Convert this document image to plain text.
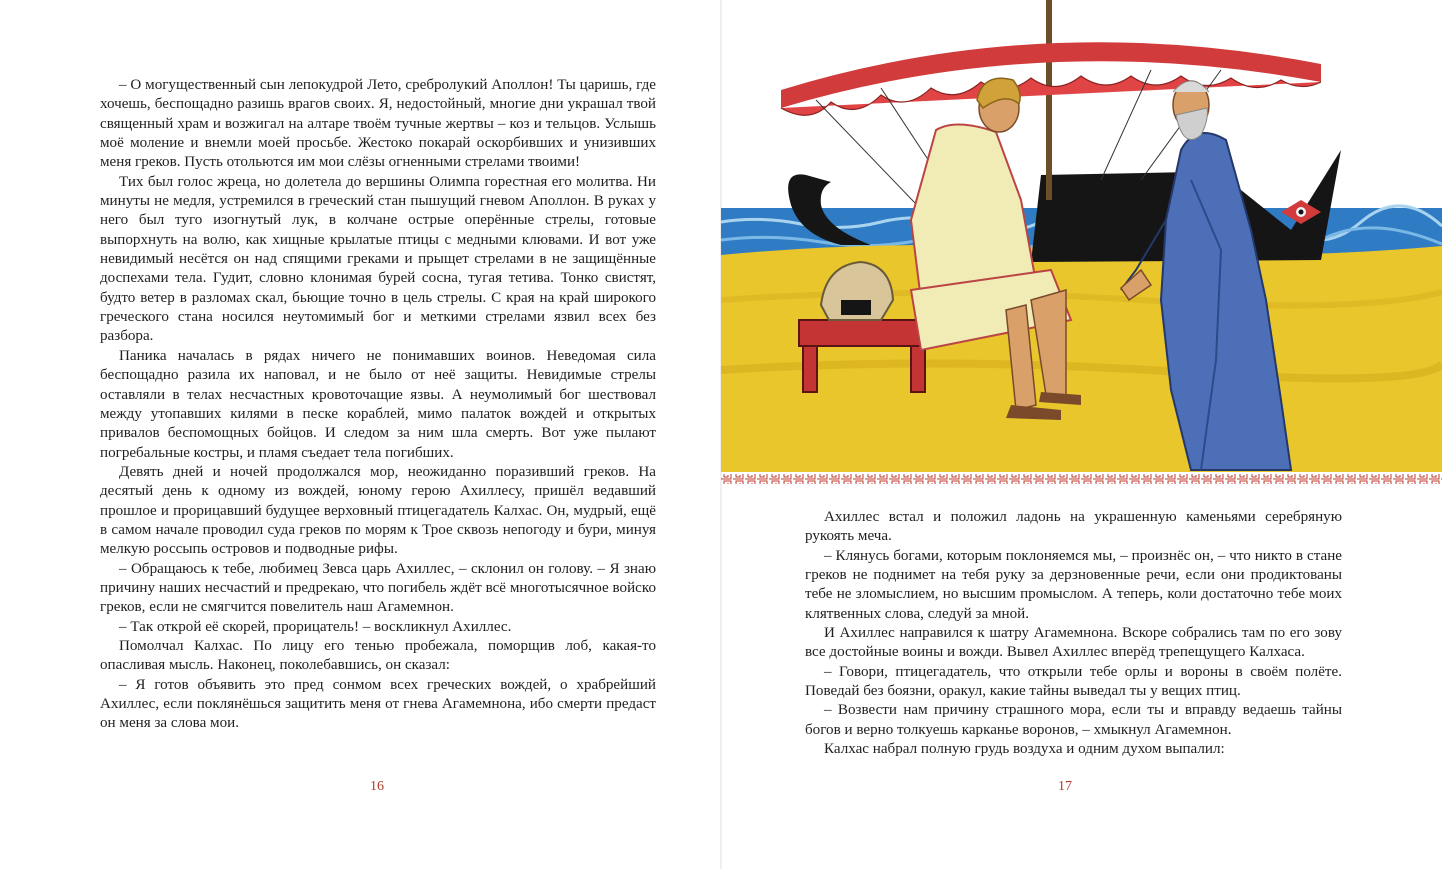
– О могущественный сын лепокудрой Лето, сребролукий Аполлон! Ты царишь, где хочешь, беспощадно разишь врагов своих. Я, недостойный, многие дни украшал твой священный храм и возжигал на алтаре твоём тучные жертвы – коз и тельцов. Услышь моё моление и внемли моей просьбе. Жестоко покарай оскорбивших и унизивших меня греков. Пусть отольются им мои слёзы огненными стрелами твоими!

Тих был голос жреца, но долетела до вершины Олимпа горестная его молитва. Ни минуты не медля, устремился в греческий стан пышущий гневом Аполлон. В руках у него был туго изогнутый лук, в колчане острые оперённые стрелы, готовые выпорхнуть на волю, как хищные крылатые птицы с медными клювами. И вот уже невидимый несётся он над спящими греками и прыщет стрелами в не защищённые доспехами тела. Гудит, словно клонимая бурей сосна, тугая тетива. Тонко свистят, будто ветер в разломах скал, бьющие точно в цель стрелы. С края на край широкого греческого стана носился неутомимый бог и меткими стрелами язвил всех без разбора.

Паника началась в рядах ничего не понимавших воинов. Неведомая сила беспощадно разила их наповал, и не было от неё защиты. Невидимые стрелы оставляли в телах несчастных кровоточащие язвы. А неумолимый бог шествовал между утопавших килями в песке кораблей, мимо палаток вождей и открытых привалов беспомощных бойцов. И следом за ним шла смерть. Вот уже пылают погребальные костры, и пламя съедает тела погибших.

Девять дней и ночей продолжался мор, неожиданно поразивший греков. На десятый день к одному из вождей, юному герою Ахиллесу, пришёл ведавший прошлое и прорицавший будущее верховный птицегадатель Калхас. Он, мудрый, ещё в самом начале проводил суда греков по морям к Трое сквозь непогоду и бури, минуя мелкую россыпь островов и подводные рифы.

– Обращаюсь к тебе, любимец Зевса царь Ахиллес, – склонил он голову. – Я знаю причину наших несчастий и предрекаю, что погибель ждёт всё многотысячное войско греков, если не смягчится повелитель наш Агамемнон.

– Так открой её скорей, прорицатель! – воскликнул Ахиллес.

Помолчал Калхас. По лицу его тенью пробежала, поморщив лоб, какая-то опасливая мысль. Наконец, поколебавшись, он сказал:

– Я готов объявить это пред сонмом всех греческих вождей, о храбрейший Ахиллес, если поклянёшься защитить меня от гнева Агамемнона, ибо смерти предаст он меня за слова мои.

16

Ахиллес встал и положил ладонь на украшенную каменьями серебряную рукоять меча.

– Клянусь богами, которым поклоняемся мы, – произнёс он, – что никто в стане греков не поднимет на тебя руку за дерзновенные речи, если они продиктованы тебе не зломыслием, но высшим промыслом. А теперь, коли достаточно тебе моих клятвенных слова, следуй за мной.

И Ахиллес направился к шатру Агамемнона. Вскоре собрались там по его зову все достойные воины и вожди. Вывел Ахиллес вперёд трепещущего Калхаса.

– Говори, птицегадатель, что открыли тебе орлы и вороны в своём полёте. Поведай без боязни, оракул, какие тайны выведал ты у вещих птиц.

– Возвести нам причину страшного мора, если ты и вправду ведаешь тайны богов и верно толкуешь карканье воронов, – хмыкнул Агамемнон.

Калхас набрал полную грудь воздуха и одним духом выпалил:

17
